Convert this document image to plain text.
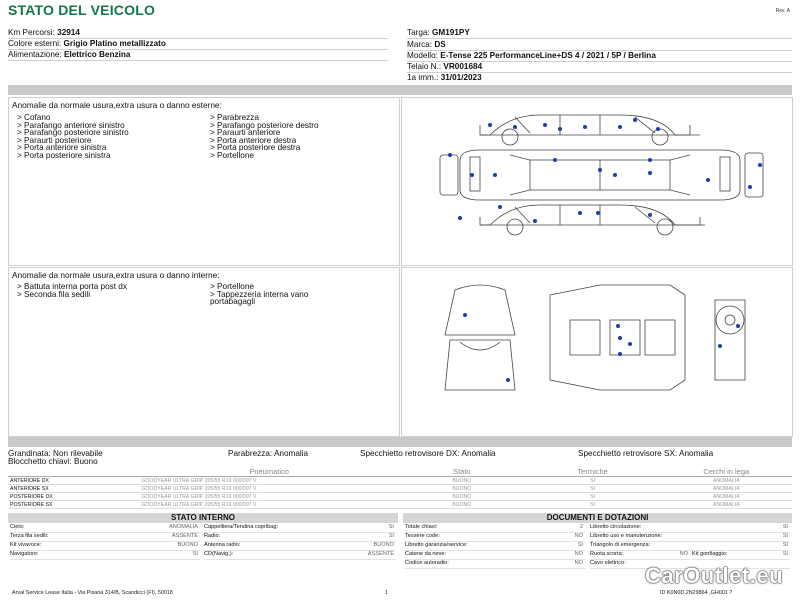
STATO DEL VEICOLO	Rev. A
Km Percorsi: 32914
Colore esterni: Grigio Platino metallizzato
Alimentazione: Elettrico Benzina
Targa: GM191PY
Marca: DS
Modello: E-Tense 225 PerformanceLine+DS 4 / 2021 / 5P / Berlina
Telaio N.: VR001684
1a imm.: 31/01/2023
Anomalie da normale usura,extra usura o danno esterne:
> Cofano
> Parafango anteriore sinistro
> Parafango posteriore sinistro
> Paraurti posteriore
> Porta anteriore sinistra
> Porta posteriore sinistra
> Parabrezza
> Parafango posteriore destro
> Paraurti anteriore
> Porta anteriore destra
> Porta posteriore destra
> Portellone
Anomalie da normale usura,extra usura o danno interne:
> Battuta interna porta post dx
> Seconda fila sedili
> Portellone
> Tappezzeria interna vano
portabagagli
Grandinata: Non rilevabile	Parabrezza: Anomalia	Specchietto retrovisore DX: Anomalia	Specchietto retrovisore SX: Anomalia
Blocchetto chiavi: Buono
	Pneumatico	Stato	Termiche	Cerchi in lega
ANTERIORE DX	GOODYEAR ULTRA GRIP 205/55 R19 000/097 V	BUONO	SI	ANOMALIA
ANTERIORE SX	GOODYEAR ULTRA GRIP 205/55 R19 000/097 V	BUONO	SI	ANOMALIA
POSTERIORE DX	GOODYEAR ULTRA GRIP 205/55 R19 000/097 V	BUONO	SI	ANOMALIA
POSTERIORE SX	GOODYEAR ULTRA GRIP 205/55 R19 000/097 V	BUONO	SI	ANOMALIA
STATO INTERNO
Cielo:	ANOMALIA
Terza fila sedili:	ASSENTE
Kit vivavoce:	BUONO
Navigatore:	SI
Cappelliera/Tendina copribag:	SI
Radio:	SI
Antenna radio:	BUONO
CD(Navig.):	ASSENTE
DOCUMENTI E DOTAZIONI
Totale chiavi:	2
Tessere code:	NO
Libretto garanzia/service:	SI
Catene da neve:	NO
Codice autoradio:	NO
Libretto circolazione:	SI
Libretto uso e manutenzione:	SI
Triangolo di emergenza:	SI
Ruota scorta:	NO Kit gonfiaggio:	SI
Cavo elettrico:
Arval Service Lease Italia - Via Pisana 314/B, Scandicci (FI), 50018	1	ID K0N0D,2N29864 ,GH001 ?
CarOutlet.eu
